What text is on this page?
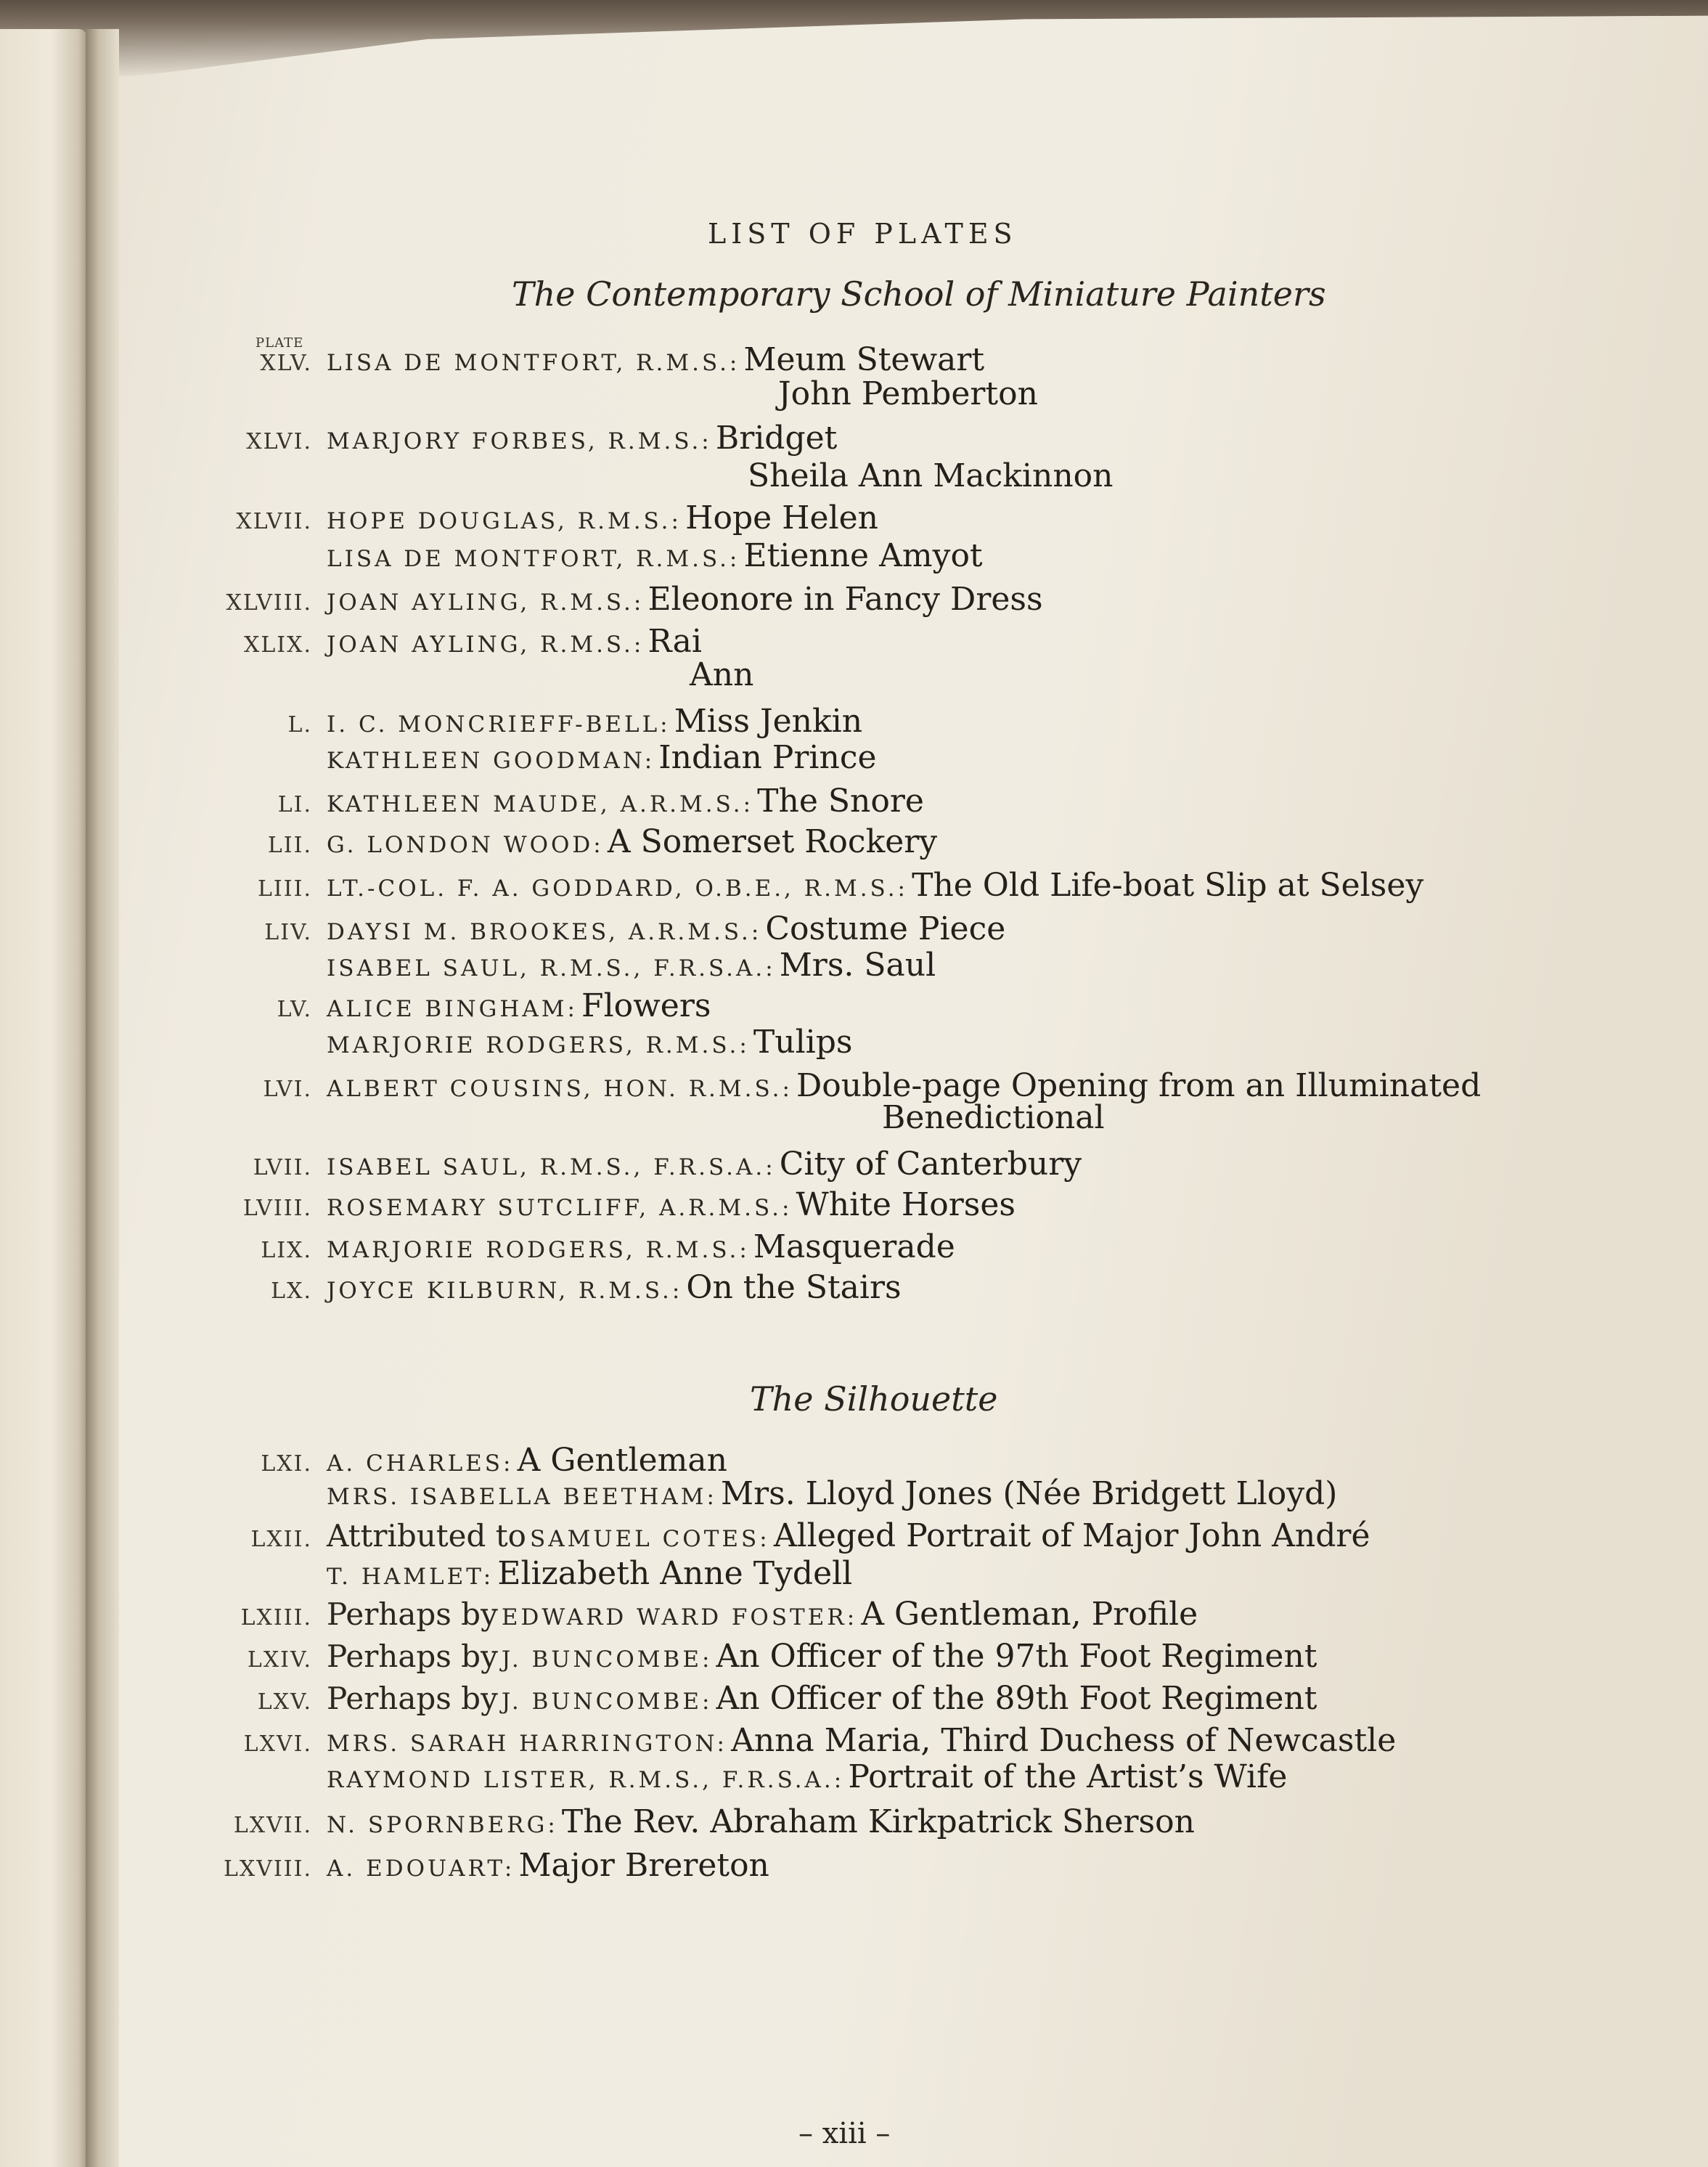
LIST OF PLATES
The Contemporary School of Miniature Painters
PLATE
XLV. LISA DE MONTFORT, R.M.S.: Meum Stewart
John Pemberton
XLVI. MARJORY FORBES, R.M.S.: Bridget
Sheila Ann Mackinnon
XLVII. HOPE DOUGLAS, R.M.S.: Hope Helen
LISA DE MONTFORT, R.M.S.: Etienne Amyot
XLVIII. JOAN AYLING, R.M.S.: Eleonore in Fancy Dress
XLIX. JOAN AYLING, R.M.S.: Rai
Ann
L. I. C. MONCRIEFF-BELL: Miss Jenkin
KATHLEEN GOODMAN: Indian Prince
LI. KATHLEEN MAUDE, A.R.M.S.: The Snore
LII. G. LONDON WOOD: A Somerset Rockery
LIII. LT.-COL. F. A. GODDARD, O.B.E., R.M.S.: The Old Life-boat Slip at Selsey
LIV. DAYSI M. BROOKES, A.R.M.S.: Costume Piece
ISABEL SAUL, R.M.S., F.R.S.A.: Mrs. Saul
LV. ALICE BINGHAM: Flowers
MARJORIE RODGERS, R.M.S.: Tulips
LVI. ALBERT COUSINS, HON. R.M.S.: Double-page Opening from an Illuminated
Benedictional
LVII. ISABEL SAUL, R.M.S., F.R.S.A.: City of Canterbury
LVIII. ROSEMARY SUTCLIFF, A.R.M.S.: White Horses
LIX. MARJORIE RODGERS, R.M.S.: Masquerade
LX. JOYCE KILBURN, R.M.S.: On the Stairs
The Silhouette
LXI. A. CHARLES: A Gentleman
MRS. ISABELLA BEETHAM: Mrs. Lloyd Jones (Née Bridgett Lloyd)
LXII. Attributed to SAMUEL COTES: Alleged Portrait of Major John André
T. HAMLET: Elizabeth Anne Tydell
LXIII. Perhaps by EDWARD WARD FOSTER: A Gentleman, Profile
LXIV. Perhaps by J. BUNCOMBE: An Officer of the 97th Foot Regiment
LXV. Perhaps by J. BUNCOMBE: An Officer of the 89th Foot Regiment
LXVI. MRS. SARAH HARRINGTON: Anna Maria, Third Duchess of Newcastle
RAYMOND LISTER, R.M.S., F.R.S.A.: Portrait of the Artist’s Wife
LXVII. N. SPORNBERG: The Rev. Abraham Kirkpatrick Sherson
LXVIII. A. EDOUART: Major Brereton
– xiii –
